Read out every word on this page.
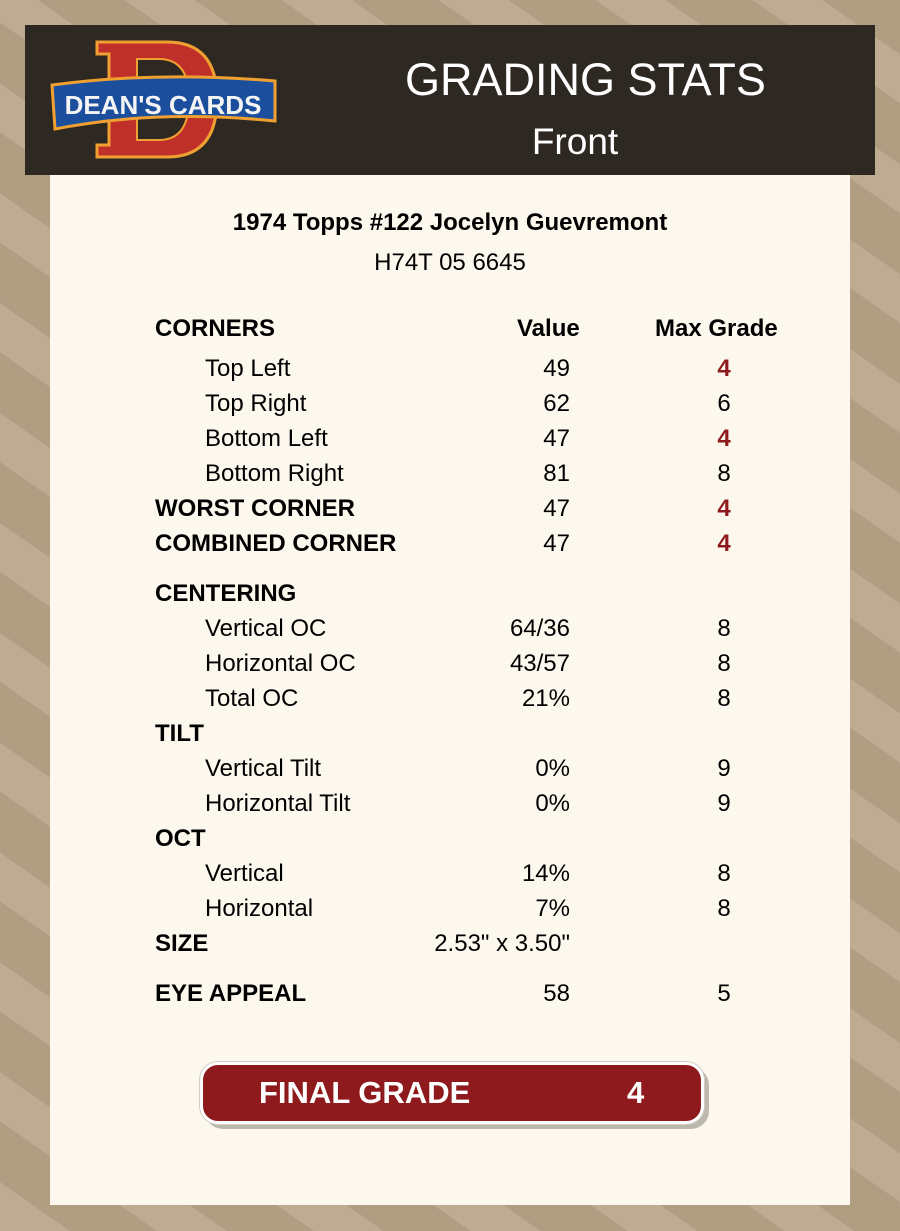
DEAN'S CARDS	GRADING STATS
Front
1974 Topps #122 Jocelyn Guevremont
H74T 05 6645
CORNERS	Value	Max Grade
Top Left	49	4
Top Right	62	6
Bottom Left	47	4
Bottom Right	81	8
WORST CORNER	47	4
COMBINED CORNER	47	4
CENTERING
Vertical OC	64/36	8
Horizontal OC	43/57	8
Total OC	21%	8
TILT
Vertical Tilt	0%	9
Horizontal Tilt	0%	9
OCT
Vertical	14%	8
Horizontal	7%	8
SIZE	2.53" x 3.50"
EYE APPEAL	58	5
FINAL GRADE	4
